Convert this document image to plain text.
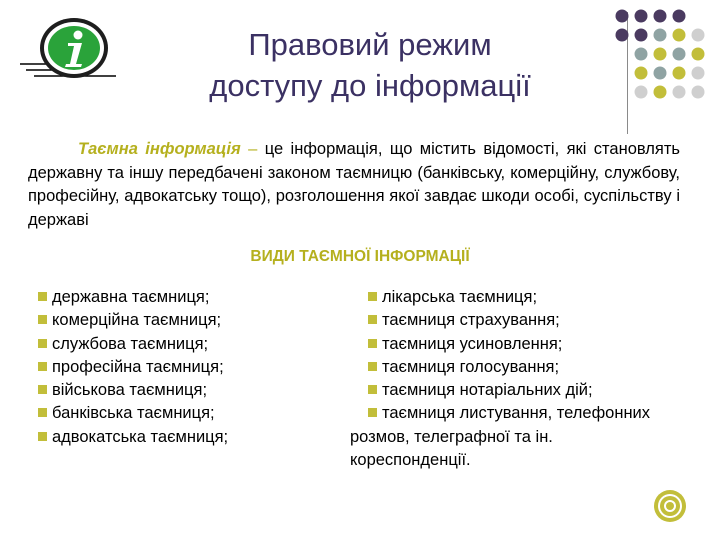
Правовий режим
доступу до інформації

Таємна інформація – це інформація, що містить відомості, які становлять державну та іншу передбачені законом таємницю (банківську, комерційну, службову, професійну, адвокатську тощо), розголошення якої завдає шкоди особі, суспільству і державі

ВИДИ ТАЄМНОЇ ІНФОРМАЦІЇ

державна таємниця;
комерційна таємниця;
службова таємниця;
професійна таємниця;
військова таємниця;
банківська таємниця;
адвокатська таємниця;
лікарська таємниця;
таємниця страхування;
таємниця усиновлення;
таємниця голосування;
таємниця нотаріальних дій;
таємниця листування, телефонних
розмов, телеграфної та ін.
кореспонденції.
